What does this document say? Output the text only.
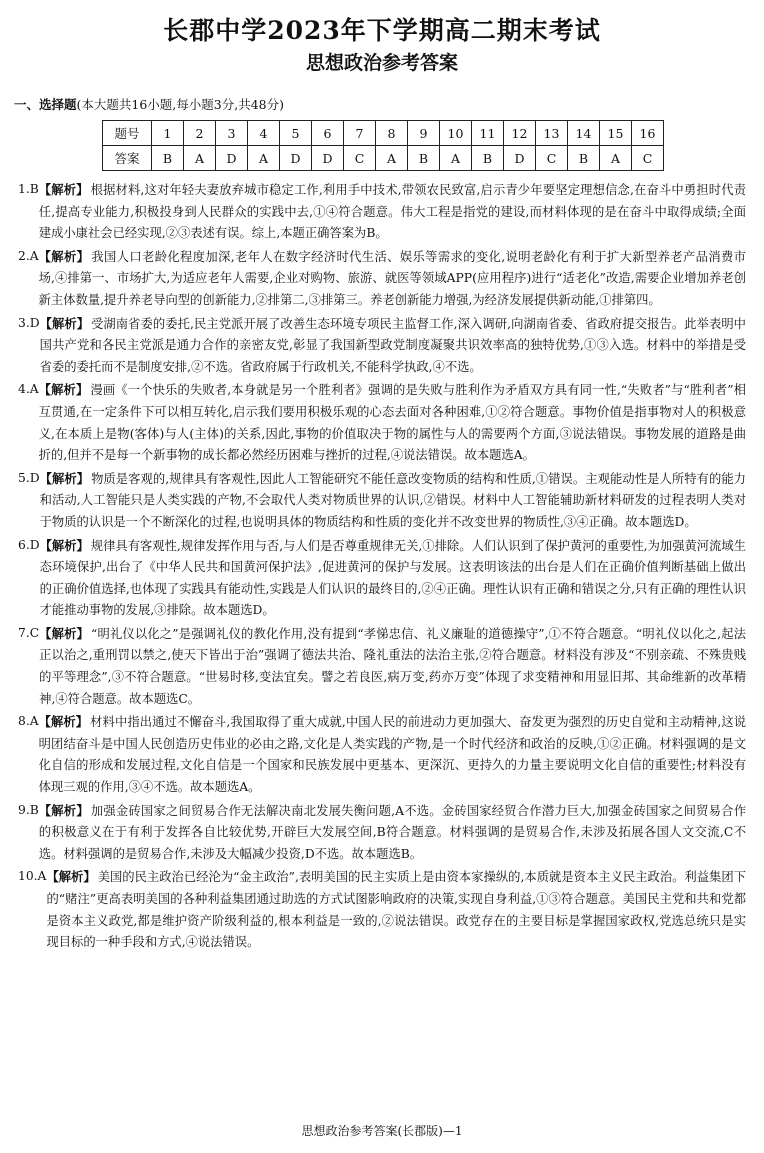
长郡中学2023年下学期高二期末考试
思想政治参考答案
一、选择题(本大题共16小题,每小题3分,共48分)
题号	1	2	3	4	5	6	7	8	9	10	11	12	13	14	15	16
答案	B	A	D	A	D	D	C	A	B	A	B	D	C	B	A	C
1.B 【解析】 根据材料,这对年轻夫妻放弃城市稳定工作,利用手中技术,带领农民致富,启示青少年要坚定理想信念,在奋斗中勇担时代责任,提高专业能力,积极投身到人民群众的实践中去,①④符合题意。伟大工程是指党的建设,而材料体现的是在奋斗中取得成绩;全面建成小康社会已经实现,②③表述有误。综上,本题正确答案为B。
2.A 【解析】 我国人口老龄化程度加深,老年人在数字经济时代生活、娱乐等需求的变化,说明老龄化有利于扩大新型养老产品消费市场,④排第一、市场扩大,为适应老年人需要,企业对购物、旅游、就医等领域APP(应用程序)进行“适老化”改造,需要企业增加养老创新主体数量,提升养老导向型的创新能力,②排第二,③排第三。养老创新能力增强,为经济发展提供新动能,①排第四。
3.D 【解析】 受湖南省委的委托,民主党派开展了改善生态环境专项民主监督工作,深入调研,向湖南省委、省政府提交报告。此举表明中国共产党和各民主党派是通力合作的亲密友党,彰显了我国新型政党制度凝聚共识效率高的独特优势,①③入选。材料中的举措是受省委的委托而不是制度安排,②不选。省政府属于行政机关,不能科学执政,④不选。
4.A 【解析】 漫画《一个快乐的失败者,本身就是另一个胜利者》强调的是失败与胜利作为矛盾双方具有同一性,“失败者”与“胜利者”相互贯通,在一定条件下可以相互转化,启示我们要用积极乐观的心态去面对各种困难,①②符合题意。事物价值是指事物对人的积极意义,在本质上是物(客体)与人(主体)的关系,因此,事物的价值取决于物的属性与人的需要两个方面,③说法错误。事物发展的道路是曲折的,但并不是每一个新事物的成长都必然经历困难与挫折的过程,④说法错误。故本题选A。
5.D 【解析】 物质是客观的,规律具有客观性,因此人工智能研究不能任意改变物质的结构和性质,①错误。主观能动性是人所特有的能力和活动,人工智能只是人类实践的产物,不会取代人类对物质世界的认识,②错误。材料中人工智能辅助新材料研发的过程表明人类对于物质的认识是一个不断深化的过程,也说明具体的物质结构和性质的变化并不改变世界的物质性,③④正确。故本题选D。
6.D 【解析】 规律具有客观性,规律发挥作用与否,与人们是否尊重规律无关,①排除。人们认识到了保护黄河的重要性,为加强黄河流域生态环境保护,出台了《中华人民共和国黄河保护法》,促进黄河的保护与发展。这表明该法的出台是人们在正确价值判断基础上做出的正确价值选择,也体现了实践具有能动性,实践是人们认识的最终目的,②④正确。理性认识有正确和错误之分,只有正确的理性认识才能推动事物的发展,③排除。故本题选D。
7.C 【解析】 “明礼仪以化之”是强调礼仪的教化作用,没有提到“孝悌忠信、礼义廉耻的道德操守”,①不符合题意。“明礼仪以化之,起法正以治之,重刑罚以禁之,使天下皆出于治”强调了德法共治、隆礼重法的法治主张,②符合题意。材料没有涉及“不别亲疏、不殊贵贱的平等理念”,③不符合题意。“世易时移,变法宜矣。譬之若良医,病万变,药亦万变”体现了求变精神和用显旧邦、其命维新的改革精神,④符合题意。故本题选C。
8.A 【解析】 材料中指出通过不懈奋斗,我国取得了重大成就,中国人民的前进动力更加强大、奋发更为强烈的历史自觉和主动精神,这说明团结奋斗是中国人民创造历史伟业的必由之路,文化是人类实践的产物,是一个时代经济和政治的反映,①②正确。材料强调的是文化自信的形成和发展过程,文化自信是一个国家和民族发展中更基本、更深沉、更持久的力量主要说明文化自信的重要性;材料没有体现三观的作用,③④不选。故本题选A。
9.B 【解析】 加强金砖国家之间贸易合作无法解决南北发展失衡问题,A不选。金砖国家经贸合作潜力巨大,加强金砖国家之间贸易合作的积极意义在于有利于发挥各自比较优势,开辟巨大发展空间,B符合题意。材料强调的是贸易合作,未涉及拓展各国人文交流,C不选。材料强调的是贸易合作,未涉及大幅减少投资,D不选。故本题选B。
10.A 【解析】 美国的民主政治已经沦为“金主政治”,表明美国的民主实质上是由资本家操纵的,本质就是资本主义民主政治。利益集团下的“赌注”更高表明美国的各种利益集团通过助选的方式试图影响政府的决策,实现自身利益,①③符合题意。美国民主党和共和党都是资本主义政党,都是维护资产阶级利益的,根本利益是一致的,②说法错误。政党存在的主要目标是掌握国家政权,党选总统只是实现目标的一种手段和方式,④说法错误。
思想政治参考答案(长郡版)—1
